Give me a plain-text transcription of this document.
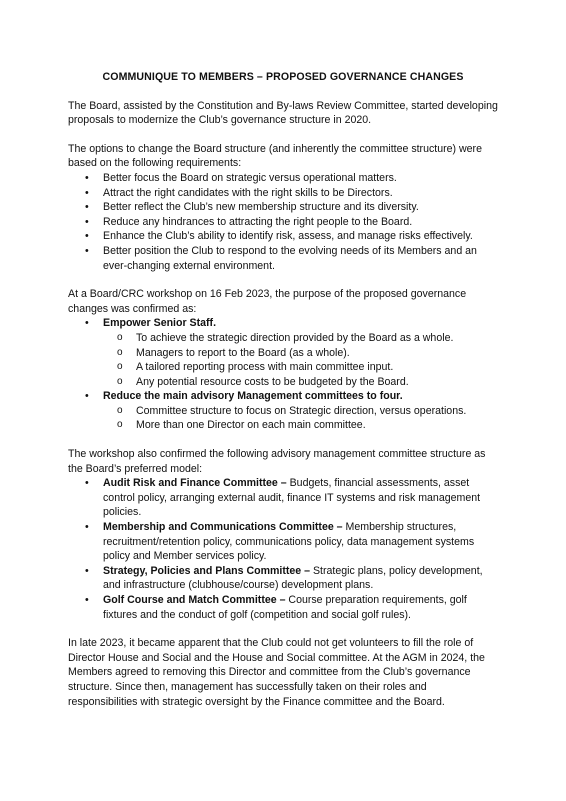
COMMUNIQUE TO MEMBERS – PROPOSED GOVERNANCE CHANGES

The Board, assisted by the Constitution and By-laws Review Committee, started developing proposals to modernize the Club’s governance structure in 2020.

The options to change the Board structure (and inherently the committee structure) were based on the following requirements:

• Better focus the Board on strategic versus operational matters.
• Attract the right candidates with the right skills to be Directors.
• Better reflect the Club’s new membership structure and its diversity.
• Reduce any hindrances to attracting the right people to the Board.
• Enhance the Club’s ability to identify risk, assess, and manage risks effectively.
• Better position the Club to respond to the evolving needs of its Members and an ever-changing external environment.

At a Board/CRC workshop on 16 Feb 2023, the purpose of the proposed governance changes was confirmed as:

• Empower Senior Staff.
o To achieve the strategic direction provided by the Board as a whole.
o Managers to report to the Board (as a whole).
o A tailored reporting process with main committee input.
o Any potential resource costs to be budgeted by the Board.
• Reduce the main advisory Management committees to four.
o Committee structure to focus on Strategic direction, versus operations.
o More than one Director on each main committee.

The workshop also confirmed the following advisory management committee structure as the Board’s preferred model:

• Audit Risk and Finance Committee – Budgets, financial assessments, asset control policy, arranging external audit, finance IT systems and risk management policies.
• Membership and Communications Committee – Membership structures, recruitment/retention policy, communications policy, data management systems policy and Member services policy.
• Strategy, Policies and Plans Committee – Strategic plans, policy development, and infrastructure (clubhouse/course) development plans.
• Golf Course and Match Committee – Course preparation requirements, golf fixtures and the conduct of golf (competition and social golf rules).

In late 2023, it became apparent that the Club could not get volunteers to fill the role of Director House and Social and the House and Social committee. At the AGM in 2024, the Members agreed to removing this Director and committee from the Club’s governance structure. Since then, management has successfully taken on their roles and responsibilities with strategic oversight by the Finance committee and the Board.
